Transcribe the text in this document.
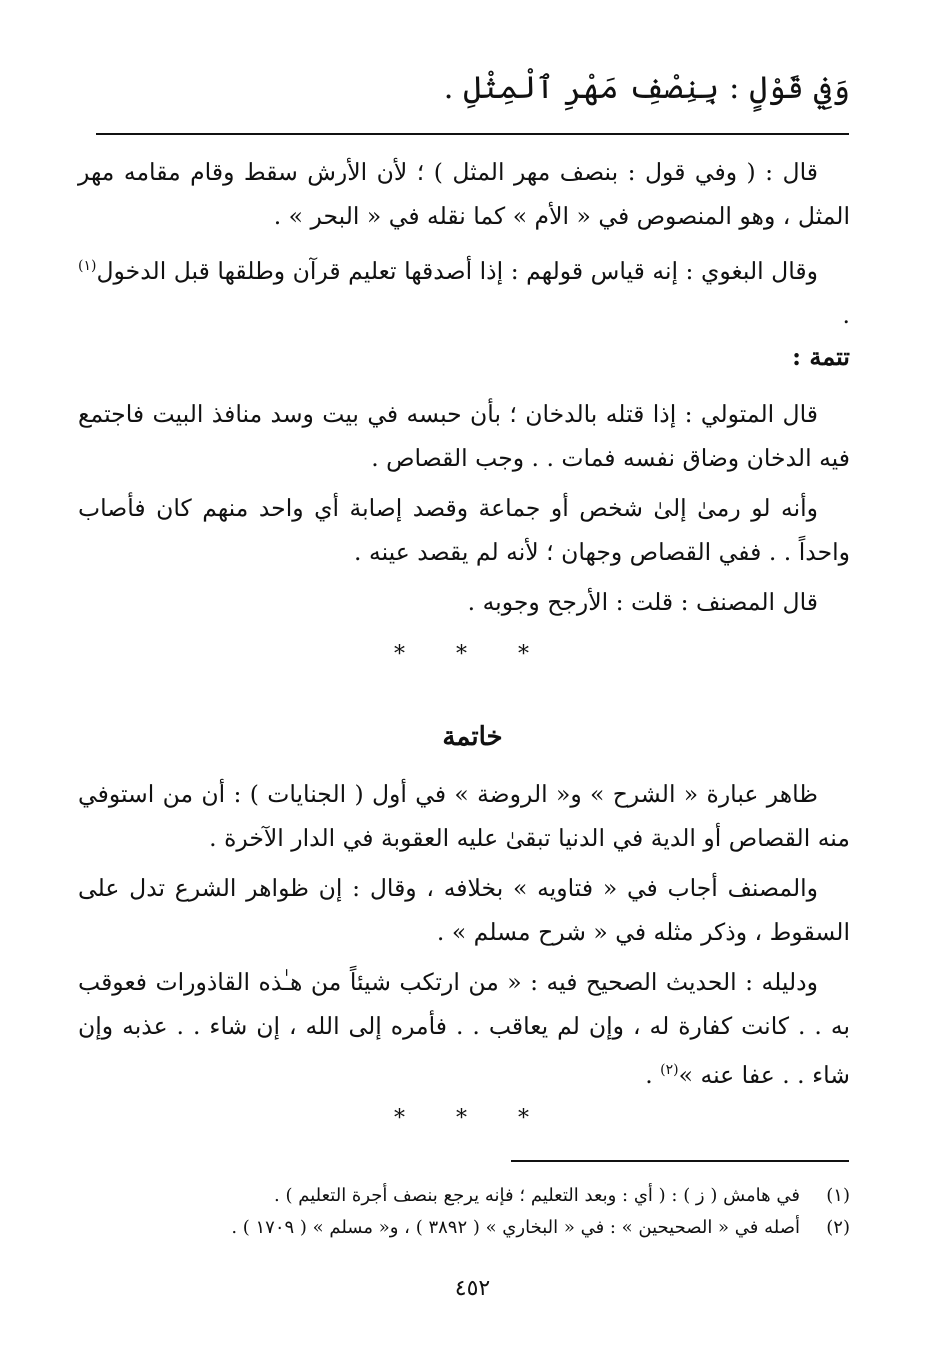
وَفِي قَوْلٍ : بِنِصْفِ مَهْرِ ٱلْمِثْلِ .

قال : ( وفي قول : بنصف مهر المثل ) ؛ لأن الأرش سقط وقام مقامه مهر المثل ، وهو المنصوص في « الأم » كما نقله في « البحر » .

وقال البغوي : إنه قياس قولهم : إذا أصدقها تعليم قرآن وطلقها قبل الدخول$^{(١)}$ .

تتمة :

قال المتولي : إذا قتله بالدخان ؛ بأن حبسه في بيت وسد منافذ البيت فاجتمع فيه الدخان وضاق نفسه فمات . . وجب القصاص .

وأنه لو رمىٰ إلىٰ شخص أو جماعة وقصد إصابة أي واحد منهم كان فأصاب واحداً . . ففي القصاص وجهان ؛ لأنه لم يقصد عينه .

قال المصنف : قلت : الأرجح وجوبه .

* * *
خاتمة

ظاهر عبارة « الشرح » و« الروضة » في أول ( الجنايات ) : أن من استوفي منه القصاص أو الدية في الدنيا تبقىٰ عليه العقوبة في الدار الآخرة .

والمصنف أجاب في « فتاويه » بخلافه ، وقال : إن ظواهر الشرع تدل على السقوط ، وذكر مثله في « شرح مسلم » .

ودليله : الحديث الصحيح فيه : « من ارتكب شيئاً من هـٰذه القاذورات فعوقب به . . كانت كفارة له ، وإن لم يعاقب . . فأمره إلى الله ، إن شاء . . عذبه وإن شاء . . عفا عنه »$^{(٢)}$ .

* * *
(١)
في هامش ( ز ) : ( أي : وبعد التعليم ؛ فإنه يرجع بنصف أجرة التعليم ) .
(٢)
أصله في « الصحيحين » : في « البخاري » ( ٣٨٩٢ ) ، و« مسلم » ( ١٧٠٩ ) .
٤٥٢
